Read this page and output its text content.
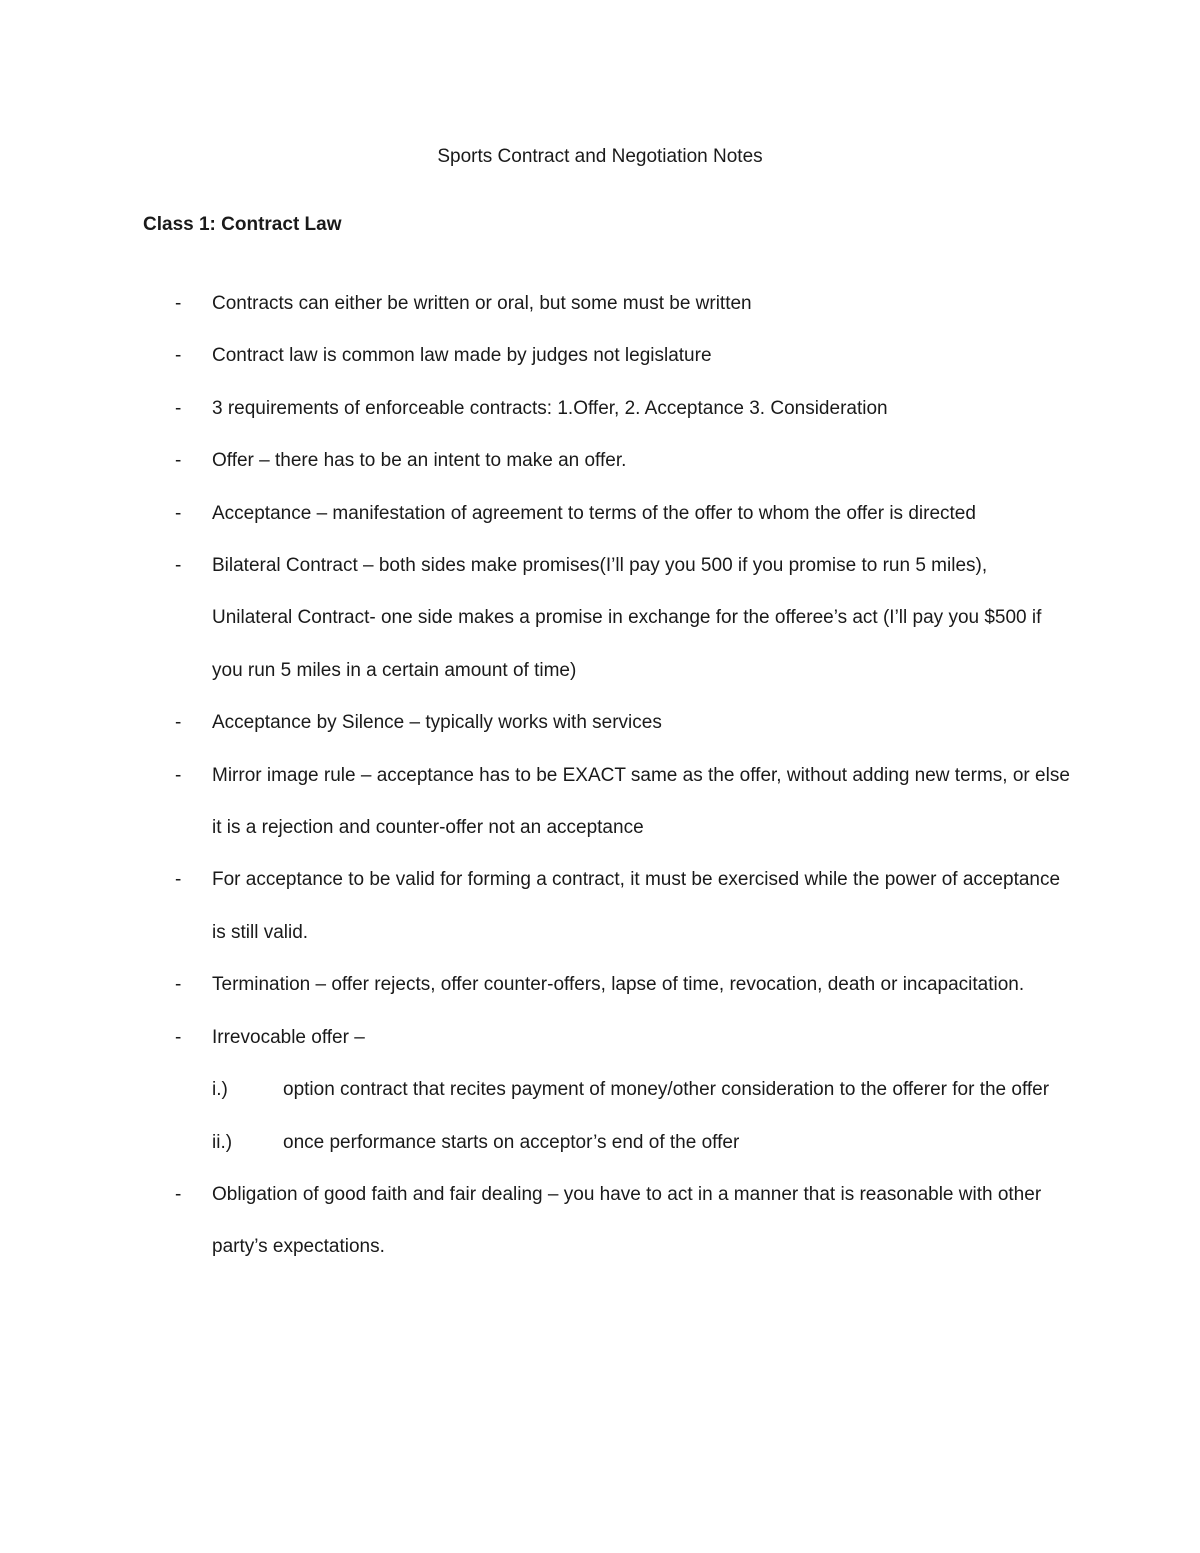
Sports Contract and Negotiation Notes
Class 1: Contract Law
- Contracts can either be written or oral, but some must be written
- Contract law is common law made by judges not legislature
- 3 requirements of enforceable contracts: 1.Offer, 2. Acceptance 3. Consideration
- Offer – there has to be an intent to make an offer.
- Acceptance – manifestation of agreement to terms of the offer to whom the offer is directed
- Bilateral Contract – both sides make promises(I’ll pay you 500 if you promise to run 5 miles), Unilateral Contract- one side makes a promise in exchange for the offeree’s act (I’ll pay you $500 if you run 5 miles in a certain amount of time)
- Acceptance by Silence – typically works with services
- Mirror image rule – acceptance has to be EXACT same as the offer, without adding new terms, or else it is a rejection and counter-offer not an acceptance
- For acceptance to be valid for forming a contract, it must be exercised while the power of acceptance is still valid.
- Termination – offer rejects, offer counter-offers, lapse of time, revocation, death or incapacitation.
- Irrevocable offer –
i.)	option contract that recites payment of money/other consideration to the offerer for the offer
ii.)	once performance starts on acceptor’s end of the offer
- Obligation of good faith and fair dealing – you have to act in a manner that is reasonable with other party’s expectations.
